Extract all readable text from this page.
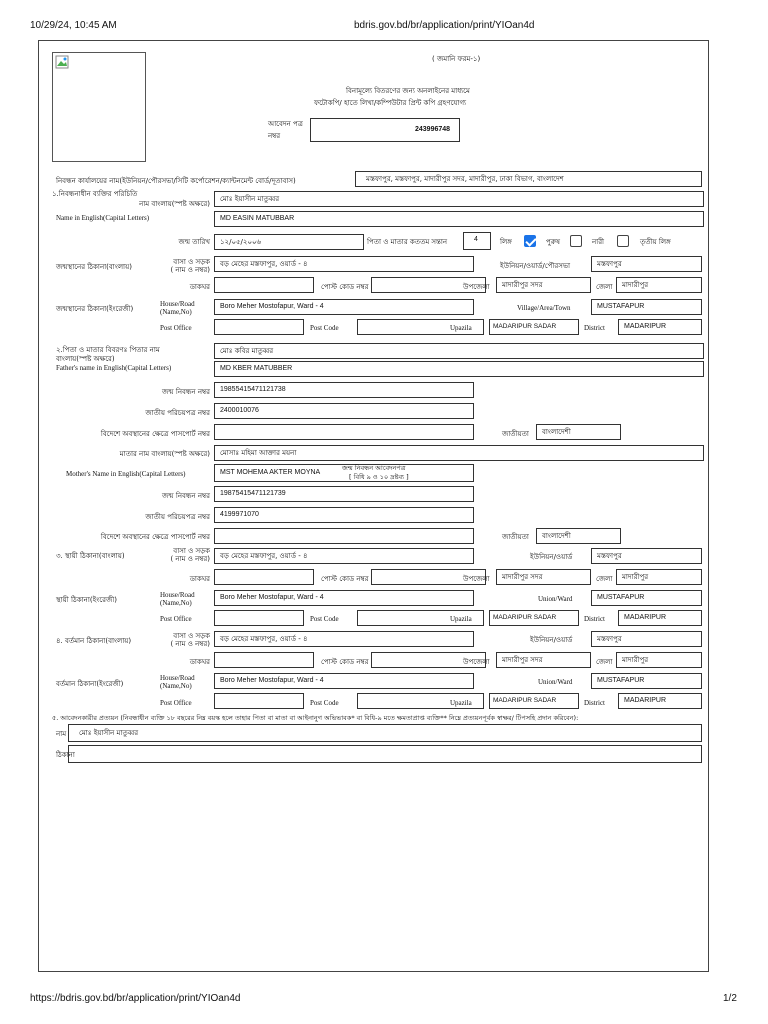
10/29/24, 10:45 AM	bdris.gov.bd/br/application/print/YIOan4d
https://bdris.gov.bd/br/application/print/YIOan4d	1/2
( জমানি ফরম-১)
বিনামূল্যে বিতরণের জন্য অনলাইনের মাধ্যমে
ফটোকপি/ হাতে লিখা/কম্পিউটার প্রিন্ট কপি গ্রহণযোগ্য
আবেদন পত্র
নম্বর
243996748
নিবন্ধন কার্যালয়ের নাম(ইউনিয়ন/পৌরসভা/সিটি কর্পোরেশন/ক্যান্টনমেন্ট বোর্ড/দূতাবাস)	মস্তফাপুর, মস্তফাপুর, মাদারীপুর সদর, মাদারীপুর, ঢাকা বিভাগ, বাংলাদেশ
১.নিবন্ধনাধীন ব্যক্তির পরিচিতি
নাম বাংলায়(স্পষ্ট অক্ষরে)
মোঃ ইয়াসীন মাতুব্বর
Name in English(Capital Letters)	MD EASIN MATUBBAR
জন্ম তারিখ	১২/০৫/২০০৬	পিতা ও মাতার কততম সন্তান	4	লিঙ্গ	পুরুষ	নারী	তৃতীয় লিঙ্গ
জন্মস্থানের ঠিকানা(বাংলায়)
বাসা ও সড়ক
( নাম ও নম্বর)
বড় মেহের মস্তফাপুর, ওয়ার্ড - ৪	ইউনিয়ন/ওয়ার্ড/পৌরসভা	মস্তফাপুর
ডাকঘর	পোস্ট কোড নম্বর	উপজেলা	মাদারীপুর সদর	জেলা	মাদারীপুর
জন্মস্থানের ঠিকানা(ইংরেজী)
House/Road
(Name,No)
Boro Meher Mostofapur, Ward - 4	Village/Area/Town	MUSTAFAPUR
Post Office	Post Code	Upazila	MADARIPUR SADAR	District	MADARIPUR
২.পিতা ও মাতার বিবরণঃ পিতার নাম
বাংলায়(স্পষ্ট অক্ষরে)
মোঃ কবির মাতুব্বর
Father's name in English(Capital Letters)	MD KBER MATUBBER
জন্ম নিবন্ধন নম্বর	19855415471121738
জাতীয় পরিচয়পত্র নম্বর	2400010076
বিদেশে অবস্থানের ক্ষেত্রে পাসপোর্ট নম্বর	জাতীয়তা	বাংলাদেশী
মাতার নাম বাংলায়(স্পষ্ট অক্ষরে)	মোসাঃ মহিমা আক্তার ময়না
Mother's Name in English(Capital Letters)	MST MOHEMA AKTER MOYNA
জন্ম নিবন্ধন আবেদনপত্র
[ বিধি ৯ ও ১০ দ্রষ্টব্য ]
জন্ম নিবন্ধন নম্বর	19875415471121739
জাতীয় পরিচয়পত্র নম্বর	4199971070
বিদেশে অবস্থানের ক্ষেত্রে পাসপোর্ট নম্বর	জাতীয়তা	বাংলাদেশী
৩. স্থায়ী ঠিকানা(বাংলায়)
বাসা ও সড়ক
( নাম ও নম্বর)	বড় মেহের মস্তফাপুর, ওয়ার্ড - ৪	ইউনিয়ন/ওয়ার্ড	মস্তফাপুর
ডাকঘর	পোস্ট কোড নম্বর	উপজেলা	মাদারীপুর সদর	জেলা	মাদারীপুর
স্থায়ী ঠিকানা(ইংরেজী)
House/Road
(Name,No)
Boro Meher Mostofapur, Ward - 4	Union/Ward	MUSTAFAPUR
Post Office	Post Code	Upazila	MADARIPUR SADAR	District	MADARIPUR
৪. বর্তমান ঠিকানা(বাংলায়)
বাসা ও সড়ক
( নাম ও নম্বর)
বড় মেহের মস্তফাপুর, ওয়ার্ড - ৪	ইউনিয়ন/ওয়ার্ড	মস্তফাপুর
ডাকঘর	পোস্ট কোড নম্বর	উপজেলা	মাদারীপুর সদর	জেলা	মাদারীপুর
বর্তমান ঠিকানা(ইংরেজী)
House/Road
(Name,No)
Boro Meher Mostofapur, Ward - 4	Union/Ward	MUSTAFAPUR
Post Office	Post Code	Upazila	MADARIPUR SADAR	District	MADARIPUR
৫. আবেদনকারীর প্রত্যয়ন (নিবন্ধাধীন ব্যক্তি ১৮ বছরের নিম্ন বয়স্ক হলে তাহার পিতা বা মাতা বা আইনানুগ অভিভাবক* বা বিধি-৯ মতে ক্ষমতাপ্রাপ্ত ব্যক্তি** নিম্নে প্রত্যয়নপূর্বক স্বাক্ষর/ টিপসহি প্রদান করিবেন):
নাম	মোঃ ইয়াসীন মাতুব্বর
ঠিকানা
